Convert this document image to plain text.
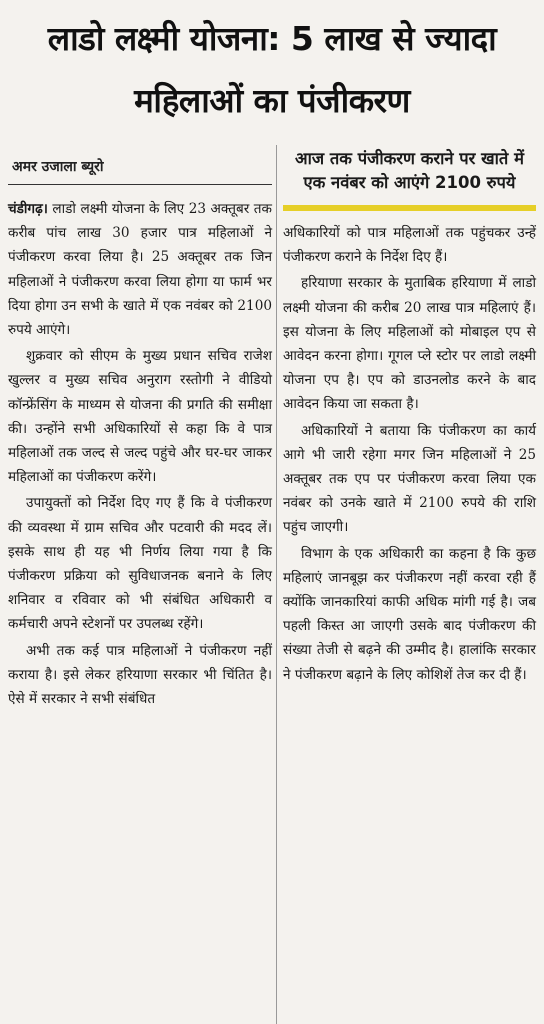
लाडो लक्ष्मी योजना: 5 लाख से ज्यादा महिलाओं का पंजीकरण
अमर उजाला ब्यूरो

चंडीगढ़। लाडो लक्ष्मी योजना के लिए 23 अक्तूबर तक करीब पांच लाख 30 हजार पात्र महिलाओं ने पंजीकरण करवा लिया है। 25 अक्तूबर तक जिन महिलाओं ने पंजीकरण करवा लिया होगा या फार्म भर दिया होगा उन सभी के खाते में एक नवंबर को 2100 रुपये आएंगे।

शुक्रवार को सीएम के मुख्य प्रधान सचिव राजेश खुल्लर व मुख्य सचिव अनुराग रस्तोगी ने वीडियो कॉन्फ्रेंसिंग के माध्यम से योजना की प्रगति की समीक्षा की। उन्होंने सभी अधिकारियों से कहा कि वे पात्र महिलाओं तक जल्द से जल्द पहुंचे और घर-घर जाकर महिलाओं का पंजीकरण करेंगे।

उपायुक्तों को निर्देश दिए गए हैं कि वे पंजीकरण की व्यवस्था में ग्राम सचिव और पटवारी की मदद लें। इसके साथ ही यह भी निर्णय लिया गया है कि पंजीकरण प्रक्रिया को सुविधाजनक बनाने के लिए शनिवार व रविवार को भी संबंधित अधिकारी व कर्मचारी अपने स्टेशनों पर उपलब्ध रहेंगे।

अभी तक कई पात्र महिलाओं ने पंजीकरण नहीं कराया है। इसे लेकर हरियाणा सरकार भी चिंतित है। ऐसे में सरकार ने सभी संबंधित

आज तक पंजीकरण कराने पर खाते में एक नवंबर को आएंगे 2100 रुपये

अधिकारियों को पात्र महिलाओं तक पहुंचकर उन्हें पंजीकरण कराने के निर्देश दिए हैं।

हरियाणा सरकार के मुताबिक हरियाणा में लाडो लक्ष्मी योजना की करीब 20 लाख पात्र महिलाएं हैं। इस योजना के लिए महिलाओं को मोबाइल एप से आवेदन करना होगा। गूगल प्ले स्टोर पर लाडो लक्ष्मी योजना एप है। एप को डाउनलोड करने के बाद आवेदन किया जा सकता है।

अधिकारियों ने बताया कि पंजीकरण का कार्य आगे भी जारी रहेगा मगर जिन महिलाओं ने 25 अक्तूबर तक एप पर पंजीकरण करवा लिया एक नवंबर को उनके खाते में 2100 रुपये की राशि पहुंच जाएगी।

विभाग के एक अधिकारी का कहना है कि कुछ महिलाएं जानबूझ कर पंजीकरण नहीं करवा रही हैं क्योंकि जानकारियां काफी अधिक मांगी गई है। जब पहली किस्त आ जाएगी उसके बाद पंजीकरण की संख्या तेजी से बढ़ने की उम्मीद है। हालांकि सरकार ने पंजीकरण बढ़ाने के लिए कोशिशें तेज कर दी हैं।
